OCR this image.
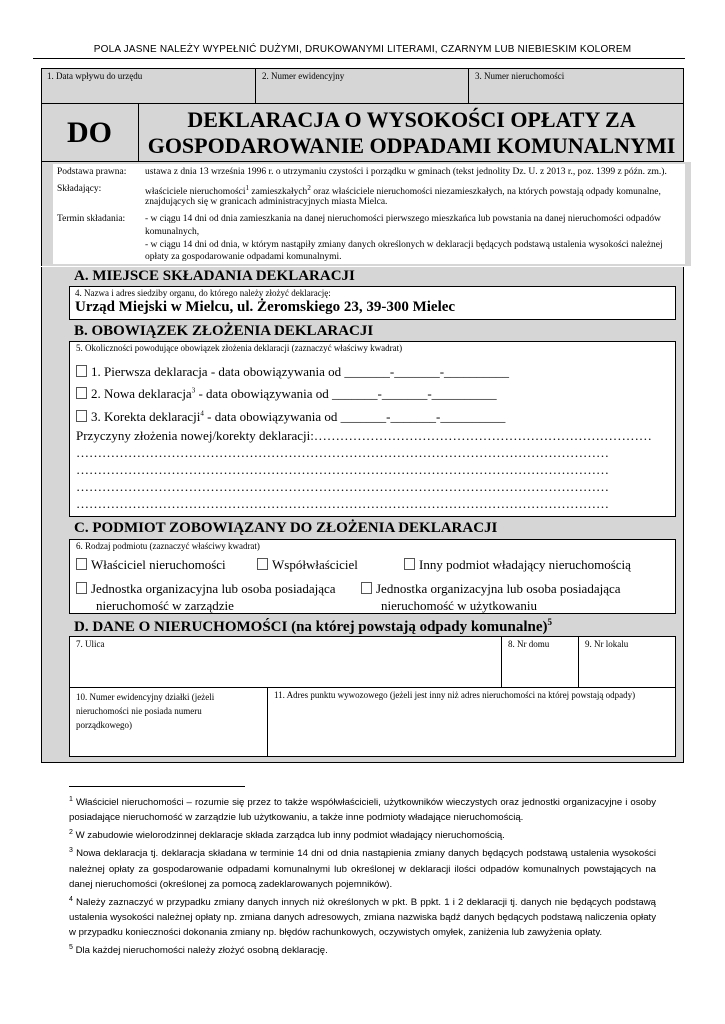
POLA JASNE NALEŻY WYPEŁNIĆ DUŻYMI, DRUKOWANYMI LITERAMI, CZARNYM LUB NIEBIESKIM KOLOREM
1. Data wpływu do urzędu	2. Numer ewidencyjny	3. Numer nieruchomości
DO	DEKLARACJA O WYSOKOŚCI OPŁATY ZA
GOSPODAROWANIE ODPADAMI KOMUNALNYMI
Podstawa prawna: ustawa z dnia 13 września 1996 r. o utrzymaniu czystości i porządku w gminach (tekst jednolity Dz. U. z 2013 r., poz. 1399 z późn. zm.).
Składający:	właściciele nieruchomości$^1$ zamieszkałych$^2$ oraz właściciele nieruchomości niezamieszkałych, na których powstają odpady komunalne,
znajdujących się w granicach administracyjnych miasta Mielca.
Termin składania: - w ciągu 14 dni od dnia zamieszkania na danej nieruchomości pierwszego mieszkańca lub powstania na danej nieruchomości odpadów
komunalnych,
- w ciągu 14 dni od dnia, w którym nastąpiły zmiany danych określonych w deklaracji będących podstawą ustalenia wysokości należnej
opłaty za gospodarowanie odpadami komunalnymi.
A. MIEJSCE SKŁADANIA DEKLARACJI
4. Nazwa i adres siedziby organu, do którego należy złożyć deklarację:
Urząd Miejski w Mielcu, ul. Żeromskiego 23, 39-300 Mielec
B. OBOWIĄZEK ZŁOŻENIA DEKLARACJI
5. Okoliczności powodujące obowiązek złożenia deklaracji (zaznaczyć właściwy kwadrat)
1. Pierwsza deklaracja - data obowiązywania od _______-_______-__________
2. Nowa deklaracja$^3$ - data obowiązywania od _______-_______-__________
3. Korekta deklaracji$^4$ - data obowiązywania od _______-_______-__________
Przyczyny złożenia nowej/korekty deklaracji:……………………………………………………………………
……………………………………………………………………………………………………………
……………………………………………………………………………………………………………
……………………………………………………………………………………………………………
……………………………………………………………………………………………………………
C. PODMIOT ZOBOWIĄZANY DO ZŁOŻENIA DEKLARACJI
6. Rodzaj podmiotu (zaznaczyć właściwy kwadrat)
Właściciel nieruchomości	Współwłaściciel	Inny podmiot władający nieruchomością
Jednostka organizacyjna lub osoba posiadająca
nieruchomość w zarządzie
Jednostka organizacyjna lub osoba posiadająca
nieruchomość w użytkowaniu
D. DANE O NIERUCHOMOŚCI (na której powstają odpady komunalne)$^5$
7. Ulica	8. Nr domu	9. Nr lokalu
10. Numer ewidencyjny działki (jeżeli
nieruchomości nie posiada numeru
porządkowego)
11. Adres punktu wywozowego (jeżeli jest inny niż adres nieruchomości na której powstają odpady)
$^1$ Właściciel nieruchomości – rozumie się przez to także współwłaścicieli, użytkowników wieczystych oraz jednostki organizacyjne i osoby posiadające nieruchomość w zarządzie lub użytkowaniu, a także inne podmioty władające nieruchomością.
$^2$ W zabudowie wielorodzinnej deklaracje składa zarządca lub inny podmiot władający nieruchomością.
$^3$ Nowa deklaracja tj. deklaracja składana w terminie 14 dni od dnia nastąpienia zmiany danych będących podstawą ustalenia wysokości należnej opłaty za gospodarowanie odpadami komunalnymi lub określonej w deklaracji ilości odpadów komunalnych powstających na danej nieruchomości (określonej za pomocą zadeklarowanych pojemników).
$^4$ Należy zaznaczyć w przypadku zmiany danych innych niż określonych w pkt. B ppkt. 1 i 2 deklaracji tj. danych nie będących podstawą ustalenia wysokości należnej opłaty np. zmiana danych adresowych, zmiana nazwiska bądź danych będących podstawą naliczenia opłaty w przypadku konieczności dokonania zmiany np. błędów rachunkowych, oczywistych omyłek, zaniżenia lub zawyżenia opłaty.
$^5$ Dla każdej nieruchomości należy złożyć osobną deklarację.
